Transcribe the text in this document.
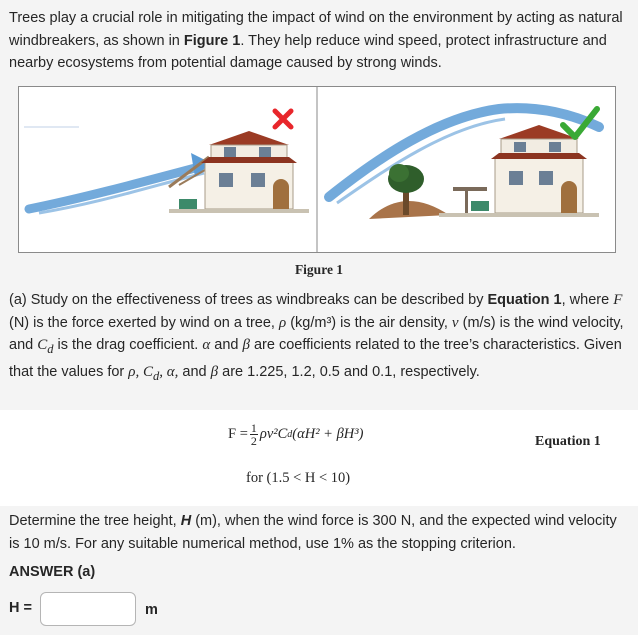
Trees play a crucial role in mitigating the impact of wind on the environment by acting as natural windbreakers, as shown in Figure 1. They help reduce wind speed, protect infrastructure and nearby ecosystems from potential damage caused by strong winds.

Figure 1

(a) Study on the effectiveness of trees as windbreaks can be described by Equation 1, where F (N) is the force exerted by wind on a tree, ρ (kg/m³) is the air density, v (m/s) is the wind velocity, and $C_d$ is the drag coefficient. α and β are coefficients related to the tree’s characteristics. Given that the values for ρ, $C_d$, α, and β are 1.225, 1.2, 0.5 and 0.1, respectively.

$F = \frac{1}{2} \rho v^2C$ d (αH² + βH³)
for (1.5 < H < 10)
Equation 1

Determine the tree height, H (m), when the wind force is 300 N, and the expected wind velocity is 10 m/s. For any suitable numerical method, use 1% as the stopping criterion.

ANSWER (a)
H =	m
